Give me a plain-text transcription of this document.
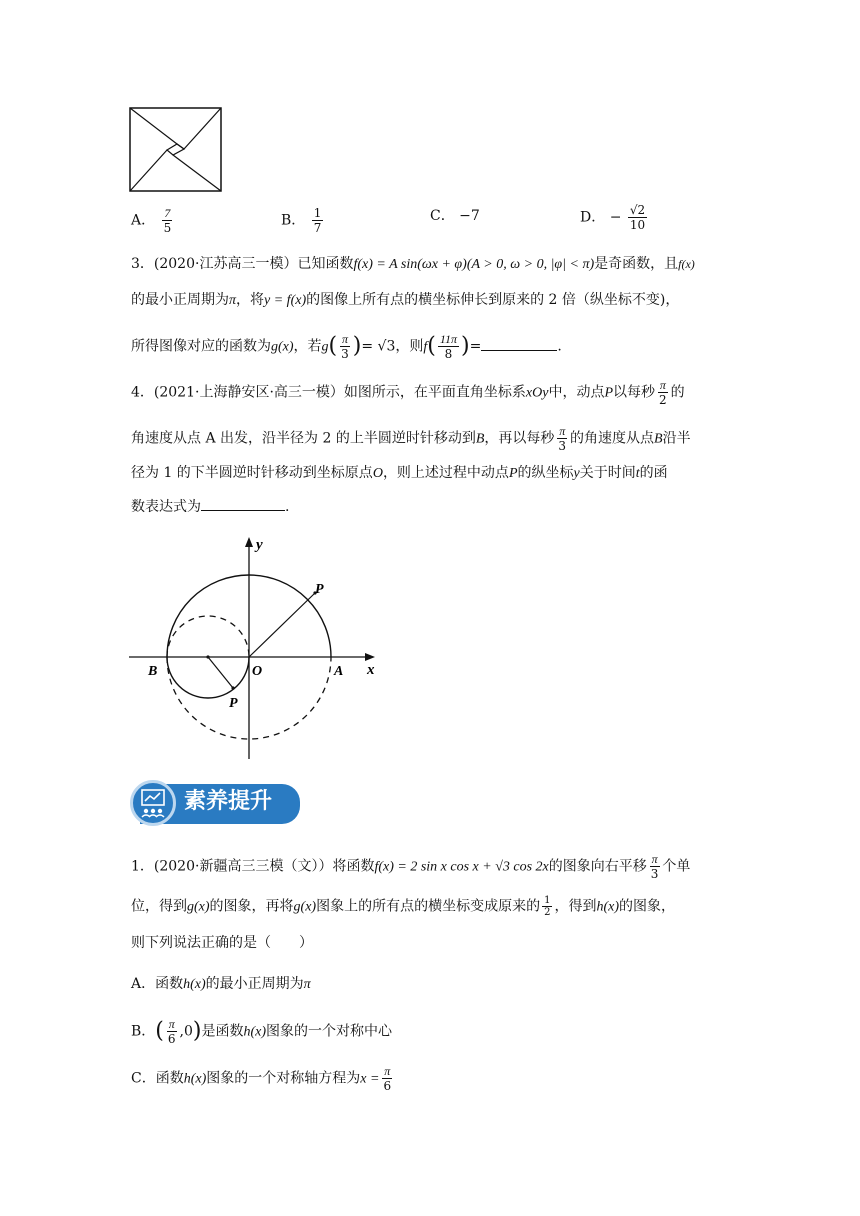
A． $\frac{7}{5}$	B． $\frac{1}{7}$	C． −7	D． − $\frac{√2}{10}$
3．(2020·江苏高三一模）已知函数f(x) = A sin(ωx + φ)(A > 0, ω > 0, |φ| < π)是奇函数，且f(x)
的最小正周期为π，将y = f(x)的图像上所有点的横坐标伸长到原来的 2 倍（纵坐标不变)，
所得图像对应的函数为g(x)，若$g( \frac{\pi}{3}$ )= √3，则$f( \frac{11\pi}{8}$ )=	.
4．(2021·上海静安区·高三一模）如图所示，在平面直角坐标系xOy中，动点P以每秒 $\frac{\pi}{2}$ 的
角速度从点 A 出发，沿半径为 2 的上半圆逆时针移动到B，再以每秒 $\frac{\pi}{3}$ 的角速度从点B沿半
径为 1 的下半圆逆时针移动到坐标原点O，则上述过程中动点P的纵坐标y关于时间t的函
数表达式为	.
y
x
O	A
B
P
P
素养提升
1．(2020·新疆高三三模（文））将函数f(x) = 2 sin x cos x + √3 cos 2x的图象向右平移 $\frac{\pi}{3}$ 个单
位，得到g(x)的图象，再将g(x)图象上的所有点的横坐标变成原来的 $\frac{1}{2}$ ，得到h(x)的图象，
则下列说法正确的是（　　）
A．函数h(x)的最小正周期为π
B．( $\frac{\pi}{6} ,0$)是函数h(x)图象的一个对称中心
C．函数h(x)图象的一个对称轴方程为$x = \frac{\pi}{6}$
